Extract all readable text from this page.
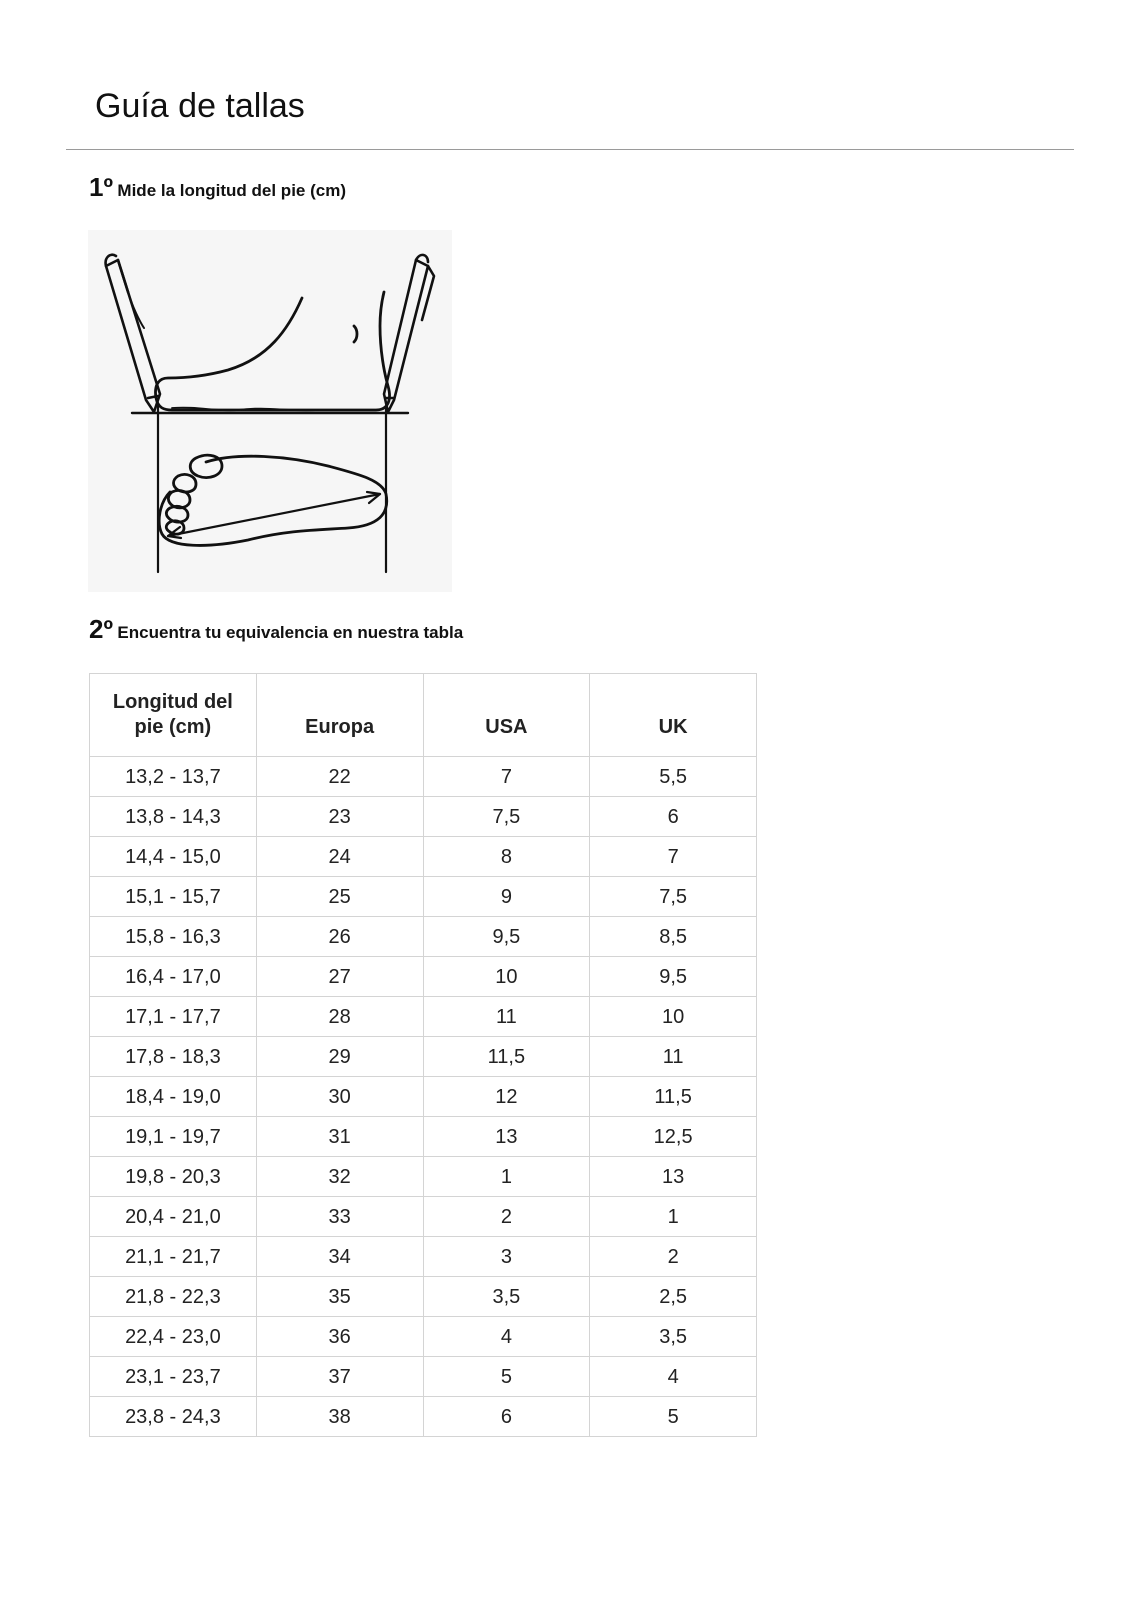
Guía de tallas

1º Mide la longitud del pie (cm)

2º Encuentra tu equivalencia en nuestra tabla

Longitud del pie (cm)	Europa	USA	UK
13,2 - 13,7	22	7	5,5
13,8 - 14,3	23	7,5	6
14,4 - 15,0	24	8	7
15,1 - 15,7	25	9	7,5
15,8 - 16,3	26	9,5	8,5
16,4 - 17,0	27	10	9,5
17,1 - 17,7	28	11	10
17,8 - 18,3	29	11,5	11
18,4 - 19,0	30	12	11,5
19,1 - 19,7	31	13	12,5
19,8 - 20,3	32	1	13
20,4 - 21,0	33	2	1
21,1 - 21,7	34	3	2
21,8 - 22,3	35	3,5	2,5
22,4 - 23,0	36	4	3,5
23,1 - 23,7	37	5	4
23,8 - 24,3	38	6	5
